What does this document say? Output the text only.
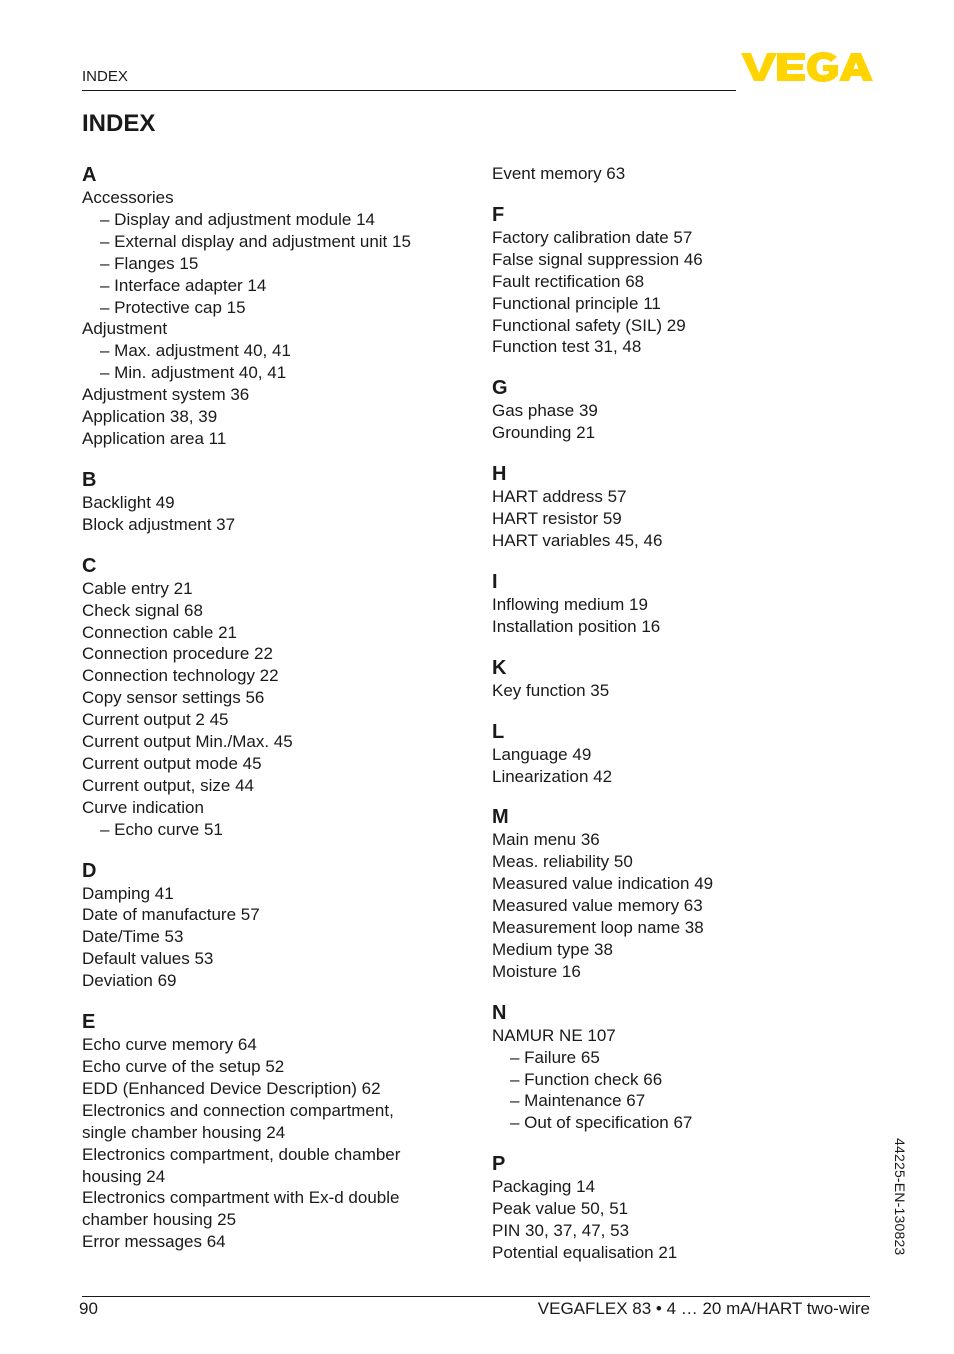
INDEX
INDEX
A
Accessories
– Display and adjustment module 14
– External display and adjustment unit 15
– Flanges 15
– Interface adapter 14
– Protective cap 15
Adjustment
– Max. adjustment 40, 41
– Min. adjustment 40, 41
Adjustment system 36
Application 38, 39
Application area 11
B
Backlight 49
Block adjustment 37
C
Cable entry 21
Check signal 68
Connection cable 21
Connection procedure 22
Connection technology 22
Copy sensor settings 56
Current output 2 45
Current output Min./Max. 45
Current output mode 45
Current output, size 44
Curve indication
– Echo curve 51
D
Damping 41
Date of manufacture 57
Date/Time 53
Default values 53
Deviation 69
E
Echo curve memory 64
Echo curve of the setup 52
EDD (Enhanced Device Description) 62
Electronics and connection compartment,
single chamber housing 24
Electronics compartment, double chamber
housing 24
Electronics compartment with Ex-d double
chamber housing 25
Error messages 64
Event memory 63
F
Factory calibration date 57
False signal suppression 46
Fault rectification 68
Functional principle 11
Functional safety (SIL) 29
Function test 31, 48
G
Gas phase 39
Grounding 21
H
HART address 57
HART resistor 59
HART variables 45, 46
I
Inflowing medium 19
Installation position 16
K
Key function 35
L
Language 49
Linearization 42
M
Main menu 36
Meas. reliability 50
Measured value indication 49
Measured value memory 63
Measurement loop name 38
Medium type 38
Moisture 16
N
NAMUR NE 107
– Failure 65
– Function check 66
– Maintenance 67
– Out of specification 67
P
Packaging 14
Peak value 50, 51
PIN 30, 37, 47, 53
Potential equalisation 21	44225-EN-130823
90	VEGAFLEX 83 • 4 … 20 mA/HART two-wire
